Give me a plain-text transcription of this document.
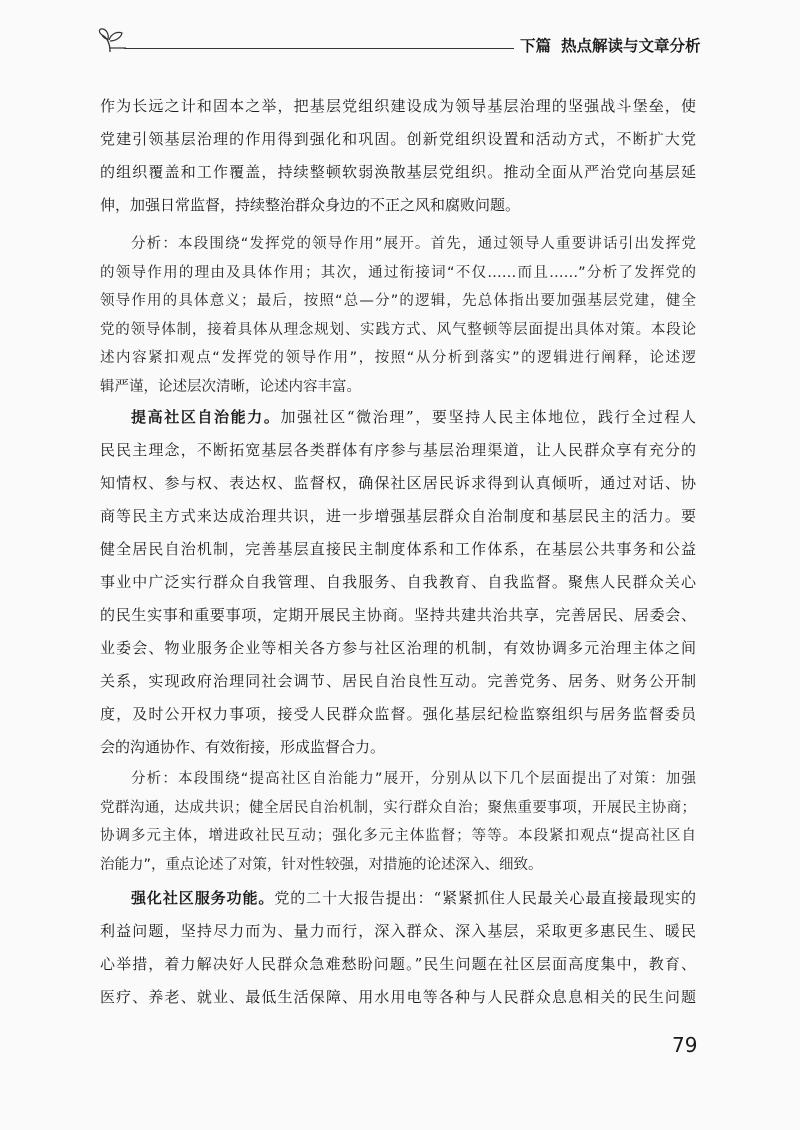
下篇 热点解读与文章分析
作为长远之计和固本之举，把基层党组织建设成为领导基层治理的坚强战斗堡垒，使
党建引领基层治理的作用得到强化和巩固。创新党组织设置和活动方式，不断扩大党
的组织覆盖和工作覆盖，持续整顿软弱涣散基层党组织。推动全面从严治党向基层延
伸，加强日常监督，持续整治群众身边的不正之风和腐败问题。
分析：本段围绕“发挥党的领导作用”展开。首先，通过领导人重要讲话引出发挥党
的领导作用的理由及具体作用；其次，通过衔接词“不仅……而且……”分析了发挥党的
领导作用的具体意义；最后，按照“总—分”的逻辑，先总体指出要加强基层党建，健全
党的领导体制，接着具体从理念规划、实践方式、风气整顿等层面提出具体对策。本段论
述内容紧扣观点“发挥党的领导作用”，按照“从分析到落实”的逻辑进行阐释，论述逻
辑严谨，论述层次清晰，论述内容丰富。
提高社区自治能力。加强社区“微治理”，要坚持人民主体地位，践行全过程人
民民主理念，不断拓宽基层各类群体有序参与基层治理渠道，让人民群众享有充分的
知情权、参与权、表达权、监督权，确保社区居民诉求得到认真倾听，通过对话、协
商等民主方式来达成治理共识，进一步增强基层群众自治制度和基层民主的活力。要
健全居民自治机制，完善基层直接民主制度体系和工作体系，在基层公共事务和公益
事业中广泛实行群众自我管理、自我服务、自我教育、自我监督。聚焦人民群众关心
的民生实事和重要事项，定期开展民主协商。坚持共建共治共享，完善居民、居委会、
业委会、物业服务企业等相关各方参与社区治理的机制，有效协调多元治理主体之间
关系，实现政府治理同社会调节、居民自治良性互动。完善党务、居务、财务公开制
度，及时公开权力事项，接受人民群众监督。强化基层纪检监察组织与居务监督委员
会的沟通协作、有效衔接，形成监督合力。
分析：本段围绕“提高社区自治能力”展开，分别从以下几个层面提出了对策：加强
党群沟通，达成共识；健全居民自治机制，实行群众自治；聚焦重要事项，开展民主协商；
协调多元主体，增进政社民互动；强化多元主体监督；等等。本段紧扣观点“提高社区自
治能力”，重点论述了对策，针对性较强，对措施的论述深入、细致。
强化社区服务功能。党的二十大报告提出：“紧紧抓住人民最关心最直接最现实的
利益问题，坚持尽力而为、量力而行，深入群众、深入基层，采取更多惠民生、暖民
心举措，着力解决好人民群众急难愁盼问题。”民生问题在社区层面高度集中，教育、
医疗、养老、就业、最低生活保障、用水用电等各种与人民群众息息相关的民生问题
79
